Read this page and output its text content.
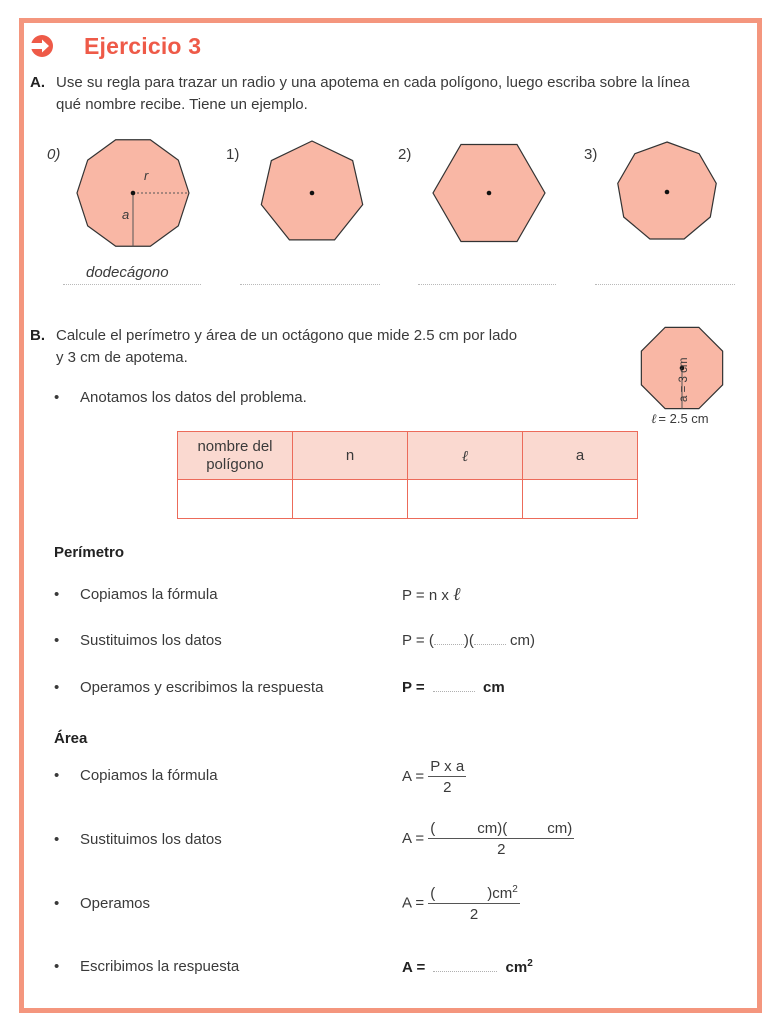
Ejercicio 3
A. Use su regla para trazar un radio y una apotema en cada polígono, luego escriba sobre la línea
qué nombre recibe. Tiene un ejemplo.
0)	1)	2)	3)
r
a
dodecágono
B. Calcule el perímetro y área de un octágono que mide 2.5 cm por lado
y 3 cm de apotema.
a = 3 cm
ℓ = 2.5 cm
• Anotamos los datos del problema.
nombre del
polígono	n	ℓ	a

Perímetro
• Copiamos la fórmula	P = n x ℓ
• Sustituimos los datos	P = ( )( cm)
• Operamos y escribimos la respuesta	P =	cm
Área
• Copiamos la fórmula	$A = \frac{\text{P x a}}{2}$
• Sustituimos los datos	A = (	cm)(	cm)
2
• Operamos	A = (	)$cm^2$
2
• Escribimos la respuesta	A =	$cm^2$
